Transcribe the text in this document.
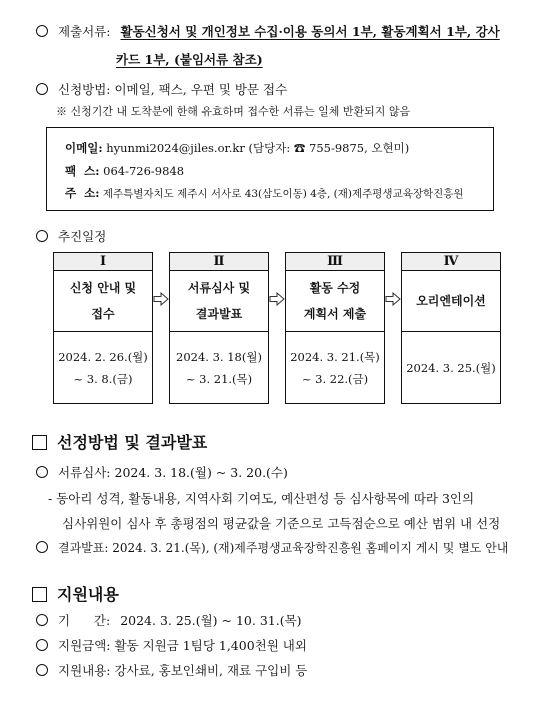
제출서류: 활동신청서 및 개인정보 수집·이용 동의서 1부, 활동계획서 1부, 강사
카드 1부, (붙임서류 참조)
신청방법: 이메일, 팩스, 우편 및 방문 접수
※ 신청기간 내 도착분에 한해 유효하며 접수한 서류는 일체 반환되지 않음
이메일: hyunmi2024@jiles.or.kr (담당자: ☎ 755-9875, 오현미)
팩  스: 064-726-9848
주  소: 제주특별자치도 제주시 서사로 43(삼도이동) 4층, (재)제주평생교육장학진흥원
추진일정
Ⅰ
신청 안내 및
접수
2024. 2. 26.(월)
~ 3. 8.(금)
Ⅱ
서류심사 및
결과발표
2024. 3. 18(월)
~ 3. 21.(목)
Ⅲ
활동 수정
계획서 제출
2024. 3. 21.(목)
~ 3. 22.(금)
Ⅳ
오리엔테이션
2024. 3. 25.(월)
선정방법 및 결과발표
서류심사: 2024. 3. 18.(월) ~ 3. 20.(수)
- 동아리 성격, 활동내용, 지역사회 기여도, 예산편성 등 심사항목에 따라 3인의
심사위원이 심사 후 총평점의 평균값을 기준으로 고득점순으로 예산 범위 내 선정
결과발표: 2024. 3. 21.(목), (재)제주평생교육장학진흥원 홈페이지 게시 및 별도 안내
지원내용
기      간: 2024. 3. 25.(월) ~ 10. 31.(목)
지원금액: 활동 지원금 1팀당 1,400천원 내외
지원내용: 강사료, 홍보인쇄비, 재료 구입비 등
